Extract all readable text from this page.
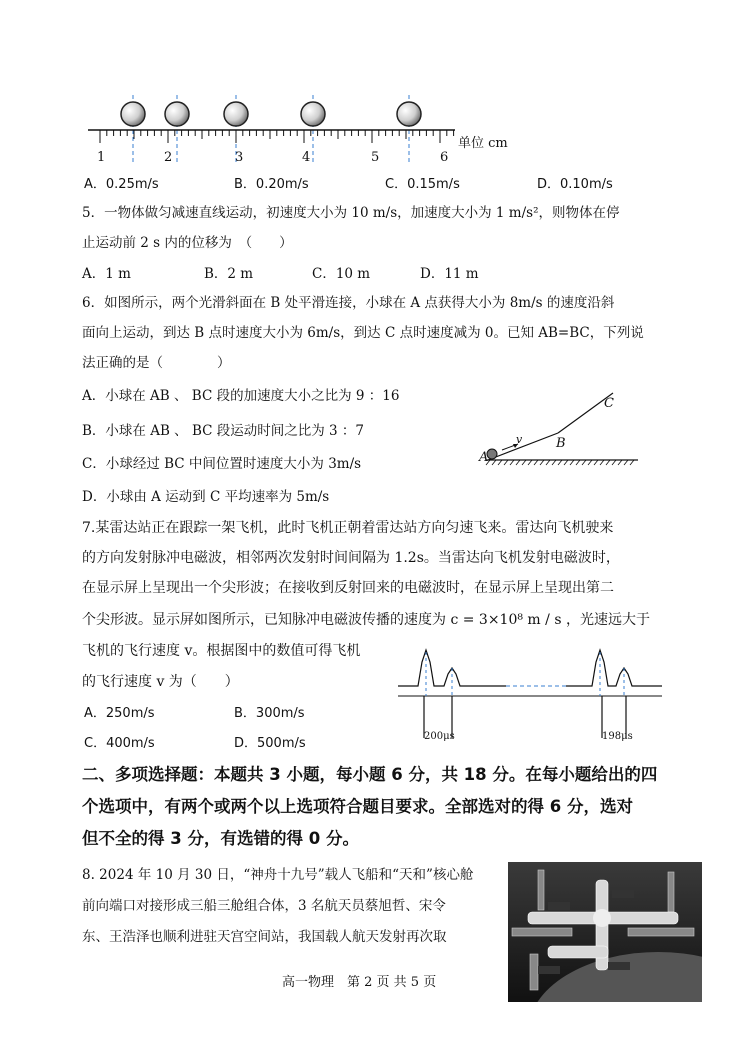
1	2	3	4	5	6
单位 cm
A．0.25m/s	B．0.20m/s	C．0.15m/s	D．0.10m/s
5．一物体做匀减速直线运动，初速度大小为 10 m/s，加速度大小为 1 m/s²，则物体在停
止运动前 2 s 内的位移为　（　　）
A．1 m	B．2 m	C．10 m	D．11 m
6．如图所示，两个光滑斜面在 B 处平滑连接，小球在 A 点获得大小为 8m/s 的速度沿斜
面向上运动，到达 B 点时速度大小为 6m/s，到达 C 点时速度减为 0。已知 AB=BC，下列说
法正确的是（　　　　）
A．小球在 AB 、 BC 段的加速度大小之比为 9 ：16
B．小球在 AB 、 BC 段运动时间之比为 3 ：7
C．小球经过 BC 中间位置时速度大小为 3m/s
D．小球由 A 运动到 C 平均速率为 5m/s
A
B
C
v
7.某雷达站正在跟踪一架飞机，此时飞机正朝着雷达站方向匀速飞来。雷达向飞机驶来
的方向发射脉冲电磁波，相邻两次发射时间间隔为 1.2s。当雷达向飞机发射电磁波时，
在显示屏上呈现出一个尖形波；在接收到反射回来的电磁波时，在显示屏上呈现出第二
个尖形波。显示屏如图所示，已知脉冲电磁波传播的速度为 c = 3×10⁸ m / s ，光速远大于
飞机的飞行速度 v。根据图中的数值可得飞机
的飞行速度 v 为（　　）
A．250m/s	B．300m/s
C．400m/s	D．500m/s	200μs	198μs
二、多项选择题：本题共 3 小题，每小题 6 分，共 18 分。在每小题给出的四
个选项中，有两个或两个以上选项符合题目要求。全部选对的得 6 分，选对
但不全的得 3 分，有选错的得 0 分。
8. 2024 年 10 月 30 日，“神舟十九号”载人飞船和“天和”核心舱
前向端口对接形成三船三舱组合体，3 名航天员蔡旭哲、宋令
东、王浩泽也顺利进驻天宫空间站，我国载人航天发射再次取
高一物理　第 2 页 共 5 页
